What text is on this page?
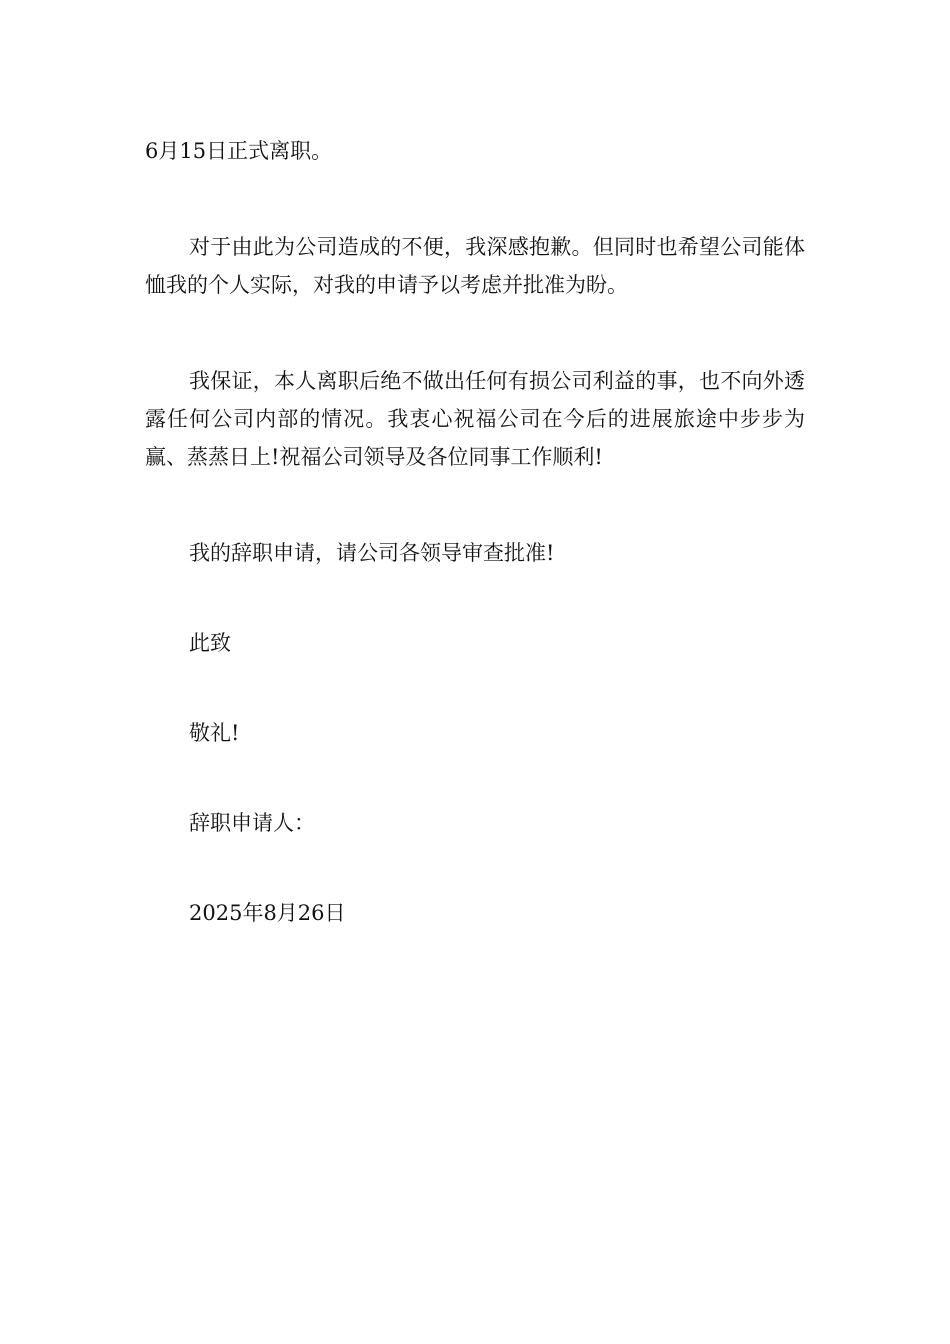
6月15日正式离职。

对于由此为公司造成的不便，我深感抱歉。但同时也希望公司能体恤我的个人实际，对我的申请予以考虑并批准为盼。

我保证，本人离职后绝不做出任何有损公司利益的事，也不向外透露任何公司内部的情况。我衷心祝福公司在今后的进展旅途中步步为赢、蒸蒸日上!祝福公司领导及各位同事工作顺利!

我的辞职申请，请公司各领导审查批准!

此致

敬礼!

辞职申请人：

2025年8月26日
